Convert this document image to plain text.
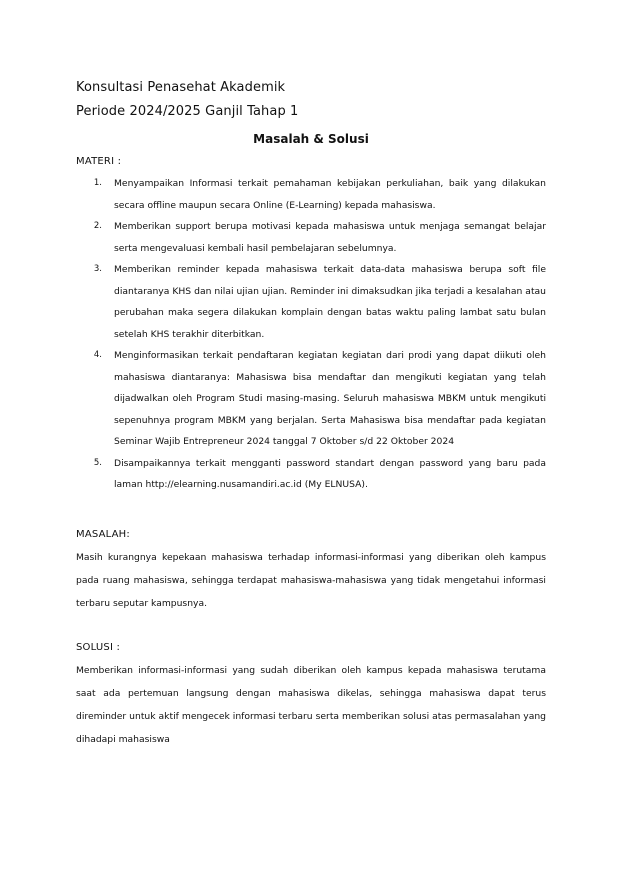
Konsultasi Penasehat Akademik
Periode 2024/2025 Ganjil Tahap 1
Masalah & Solusi
MATERI :
1.	Menyampaikan Informasi terkait pemahaman kebijakan perkuliahan, baik yang dilakukan secara offline maupun secara Online (E-Learning) kepada mahasiswa.
2.	Memberikan support berupa motivasi kepada mahasiswa untuk menjaga semangat belajar serta mengevaluasi kembali hasil pembelajaran sebelumnya.
3.	Memberikan reminder kepada mahasiswa terkait data-data mahasiswa berupa soft file diantaranya KHS dan nilai ujian ujian. Reminder ini dimaksudkan jika terjadi a kesalahan atau perubahan maka segera dilakukan komplain dengan batas waktu paling lambat satu bulan setelah KHS terakhir diterbitkan.
4.	Menginformasikan terkait pendaftaran kegiatan kegiatan dari prodi yang dapat diikuti oleh mahasiswa diantaranya: Mahasiswa bisa mendaftar dan mengikuti kegiatan yang telah dijadwalkan oleh Program Studi masing-masing. Seluruh mahasiswa MBKM untuk mengikuti sepenuhnya program MBKM yang berjalan. Serta Mahasiswa bisa mendaftar pada kegiatan Seminar Wajib Entrepreneur 2024 tanggal 7 Oktober s/d 22 Oktober 2024
5.	Disampaikannya terkait mengganti password standart dengan password yang baru pada laman http://elearning.nusamandiri.ac.id (My ELNUSA).
MASALAH:

Masih kurangnya kepekaan mahasiswa terhadap informasi-informasi yang diberikan oleh kampus pada ruang mahasiswa, sehingga terdapat mahasiswa-mahasiswa yang tidak mengetahui informasi terbaru seputar kampusnya.

SOLUSI :

Memberikan informasi-informasi yang sudah diberikan oleh kampus kepada mahasiswa terutama saat ada pertemuan langsung dengan mahasiswa dikelas, sehingga mahasiswa dapat terus direminder untuk aktif mengecek informasi terbaru serta memberikan solusi atas permasalahan yang dihadapi mahasiswa
